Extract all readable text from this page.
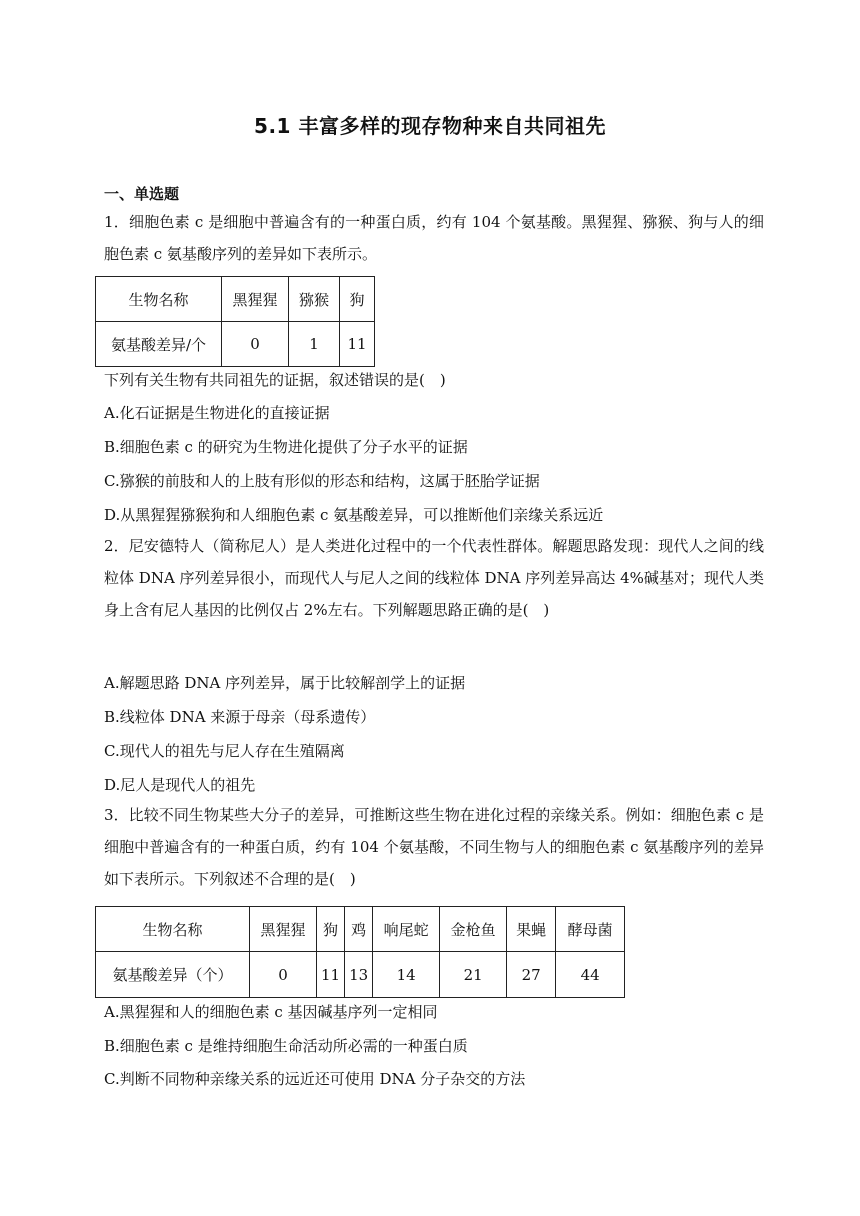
5.1 丰富多样的现存物种来自共同祖先
一、单选题
1．细胞色素 c 是细胞中普遍含有的一种蛋白质，约有 104 个氨基酸。黑猩猩、猕猴、狗与人的细胞色素 c 氨基酸序列的差异如下表所示。
生物名称	黑猩猩	猕猴	狗
氨基酸差异/个	0	1	11
下列有关生物有共同祖先的证据，叙述错误的是(　)
A.化石证据是生物进化的直接证据
B.细胞色素 c 的研究为生物进化提供了分子水平的证据
C.猕猴的前肢和人的上肢有形似的形态和结构，这属于胚胎学证据
D.从黑猩猩猕猴狗和人细胞色素 c 氨基酸差异，可以推断他们亲缘关系远近
2．尼安德特人（简称尼人）是人类进化过程中的一个代表性群体。解题思路发现：现代人之间的线粒体 DNA 序列差异很小，而现代人与尼人之间的线粒体 DNA 序列差异高达 4%碱基对；现代人类身上含有尼人基因的比例仅占 2%左右。下列解题思路正确的是(　)
A.解题思路 DNA 序列差异，属于比较解剖学上的证据
B.线粒体 DNA 来源于母亲（母系遗传）
C.现代人的祖先与尼人存在生殖隔离
D.尼人是现代人的祖先
3．比较不同生物某些大分子的差异，可推断这些生物在进化过程的亲缘关系。例如：细胞色素 c 是细胞中普遍含有的一种蛋白质，约有 104 个氨基酸，不同生物与人的细胞色素 c 氨基酸序列的差异如下表所示。下列叙述不合理的是(　)
生物名称	黑猩猩	狗	鸡	响尾蛇	金枪鱼	果蝇	酵母菌
氨基酸差异（个）	0	11	13	14	21	27	44
A.黑猩猩和人的细胞色素 c 基因碱基序列一定相同
B.细胞色素 c 是维持细胞生命活动所必需的一种蛋白质
C.判断不同物种亲缘关系的远近还可使用 DNA 分子杂交的方法
